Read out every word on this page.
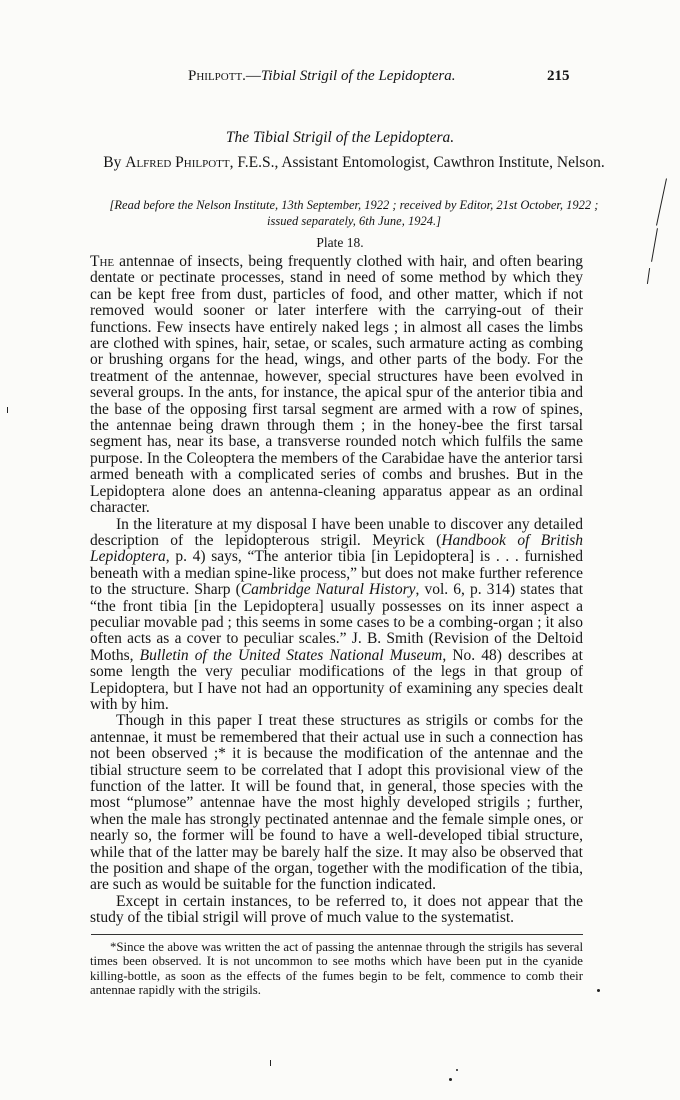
Philpott.—Tibial Strigil of the Lepidoptera.	215
The Tibial Strigil of the Lepidoptera.
By Alfred Philpott, F.E.S., Assistant Entomologist, Cawthron Institute, Nelson.
[Read before the Nelson Institute, 13th September, 1922 ; received by Editor, 21st October, 1922 ; issued separately, 6th June, 1924.]
Plate 18.

The antennae of insects, being frequently clothed with hair, and often bearing dentate or pectinate processes, stand in need of some method by which they can be kept free from dust, particles of food, and other matter, which if not removed would sooner or later interfere with the carrying-out of their functions. Few insects have entirely naked legs ; in almost all cases the limbs are clothed with spines, hair, setae, or scales, such armature acting as combing or brushing organs for the head, wings, and other parts of the body. For the treatment of the antennae, however, special structures have been evolved in several groups. In the ants, for instance, the apical spur of the anterior tibia and the base of the opposing first tarsal segment are armed with a row of spines, the antennae being drawn through them ; in the honey-bee the first tarsal segment has, near its base, a transverse rounded notch which fulfils the same purpose. In the Coleoptera the members of the Carabidae have the anterior tarsi armed beneath with a complicated series of combs and brushes. But in the Lepidoptera alone does an antenna-cleaning apparatus appear as an ordinal character.

In the literature at my disposal I have been unable to discover any detailed description of the lepidopterous strigil. Meyrick (Handbook of British Lepidoptera, p. 4) says, “The anterior tibia [in Lepidoptera] is . . . furnished beneath with a median spine-like process,” but does not make further reference to the structure. Sharp (Cambridge Natural History, vol. 6, p. 314) states that “the front tibia [in the Lepidoptera] usually possesses on its inner aspect a peculiar movable pad ; this seems in some cases to be a combing-organ ; it also often acts as a cover to peculiar scales.” J. B. Smith (Revision of the Deltoid Moths, Bulletin of the United States National Museum, No. 48) describes at some length the very peculiar modifications of the legs in that group of Lepidoptera, but I have not had an opportunity of examining any species dealt with by him.

Though in this paper I treat these structures as strigils or combs for the antennae, it must be remembered that their actual use in such a connection has not been observed ;* it is because the modification of the antennae and the tibial structure seem to be correlated that I adopt this provisional view of the function of the latter. It will be found that, in general, those species with the most “plumose” antennae have the most highly developed strigils ; further, when the male has strongly pectinated antennae and the female simple ones, or nearly so, the former will be found to have a well-developed tibial structure, while that of the latter may be barely half the size. It may also be observed that the position and shape of the organ, together with the modification of the tibia, are such as would be suitable for the function indicated.

Except in certain instances, to be referred to, it does not appear that the study of the tibial strigil will prove of much value to the systematist.

*Since the above was written the act of passing the antennae through the strigils has several times been observed. It is not uncommon to see moths which have been put in the cyanide killing-bottle, as soon as the effects of the fumes begin to be felt, commence to comb their antennae rapidly with the strigils.
